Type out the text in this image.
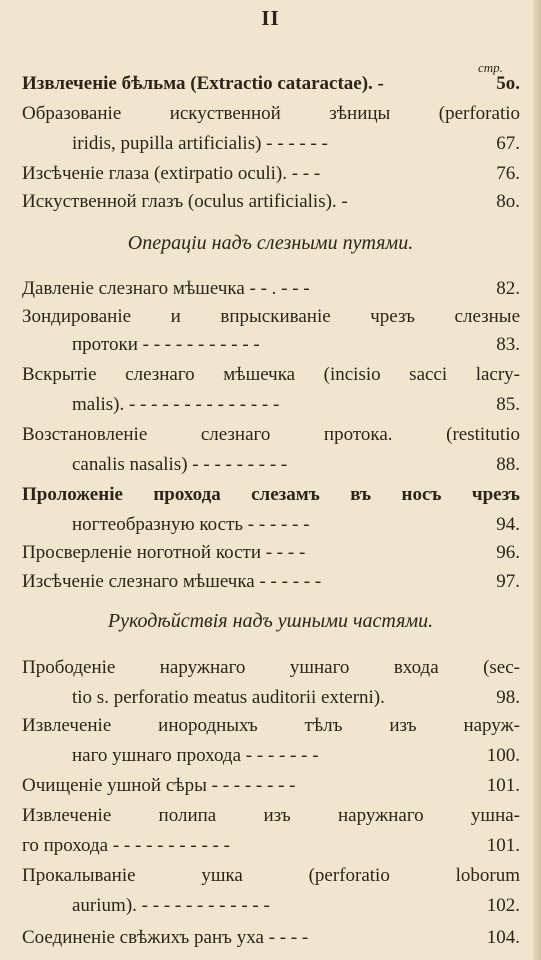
II
стр.
Извлеченіе бѣльма (Extractio cataractae). -	5o.
Образованіе искуственной зѣницы (perforatio
iridis, pupilla artificialis) - - - - - -	67.
Изсѣченіе глаза (extirpatio oculi). - - -	76.
Искуственной глазъ (oculus artificialis). -	8o.
Операціи надъ слезными путями.
Давленіе слезнаго мѣшечка - - . - - -	82.
Зондированіе и впрыскиванiе чрезъ слезные
протоки - - - - - - - - - - -	83.
Вскрытіе слезнаго мѣшечка (incisio sacci lacry-
malis). - - - - - - - - - - - - - -	85.
Возстановленіе слезнаго протока. (restitutio
canalis nasalis) - - - - - - - - -	88.
Проложеніе прохода слезамъ въ носъ чрезъ
ногтеобразную кость - - - - - -	94.
Просверленіе ноготной кости - - - -	96.
Изсѣченіе слезнаго мѣшечка - - - - - -	97.
Рукодѣйствія надъ ушными частями.
Прободеніе наружнаго ушнаго входа (sec-
tio s. perforatio meatus auditorii externi).	98.
Извлеченіе инородныхъ тѣлъ изъ наруж-
наго ушнаго прохода - - - - - - -	100.
Очищеніе ушной сѣры - - - - - - - -	101.
Извлеченіе полипа изъ наружнаго ушна-
го прохода - - - - - - - - - - -	101.
Прокалываніе ушка (perforatio loborum
aurium). - - - - - - - - - - - -	102.
Соединеніе свѣжихъ ранъ уха - - - -	104.
